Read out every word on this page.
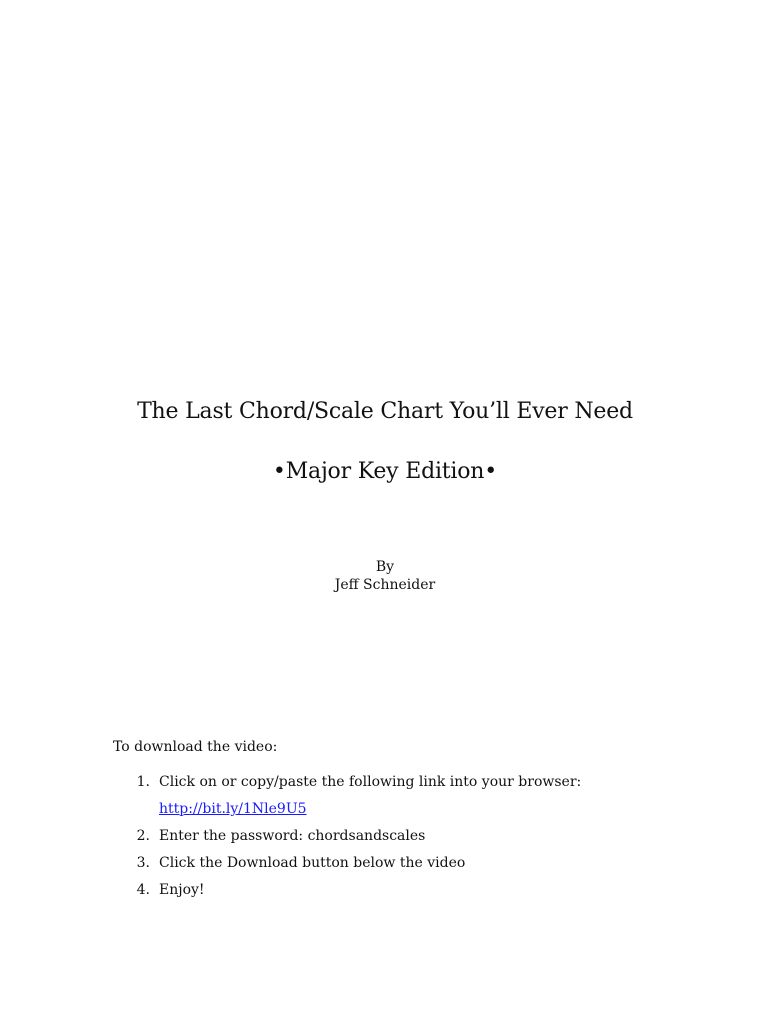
The Last Chord/Scale Chart You’ll Ever Need
•Major Key Edition•
By
Jeff Schneider
To download the video:
1. Click on or copy/paste the following link into your browser:
http://bit.ly/1Nle9U5
2. Enter the password: chordsandscales
3. Click the Download button below the video
4. Enjoy!
